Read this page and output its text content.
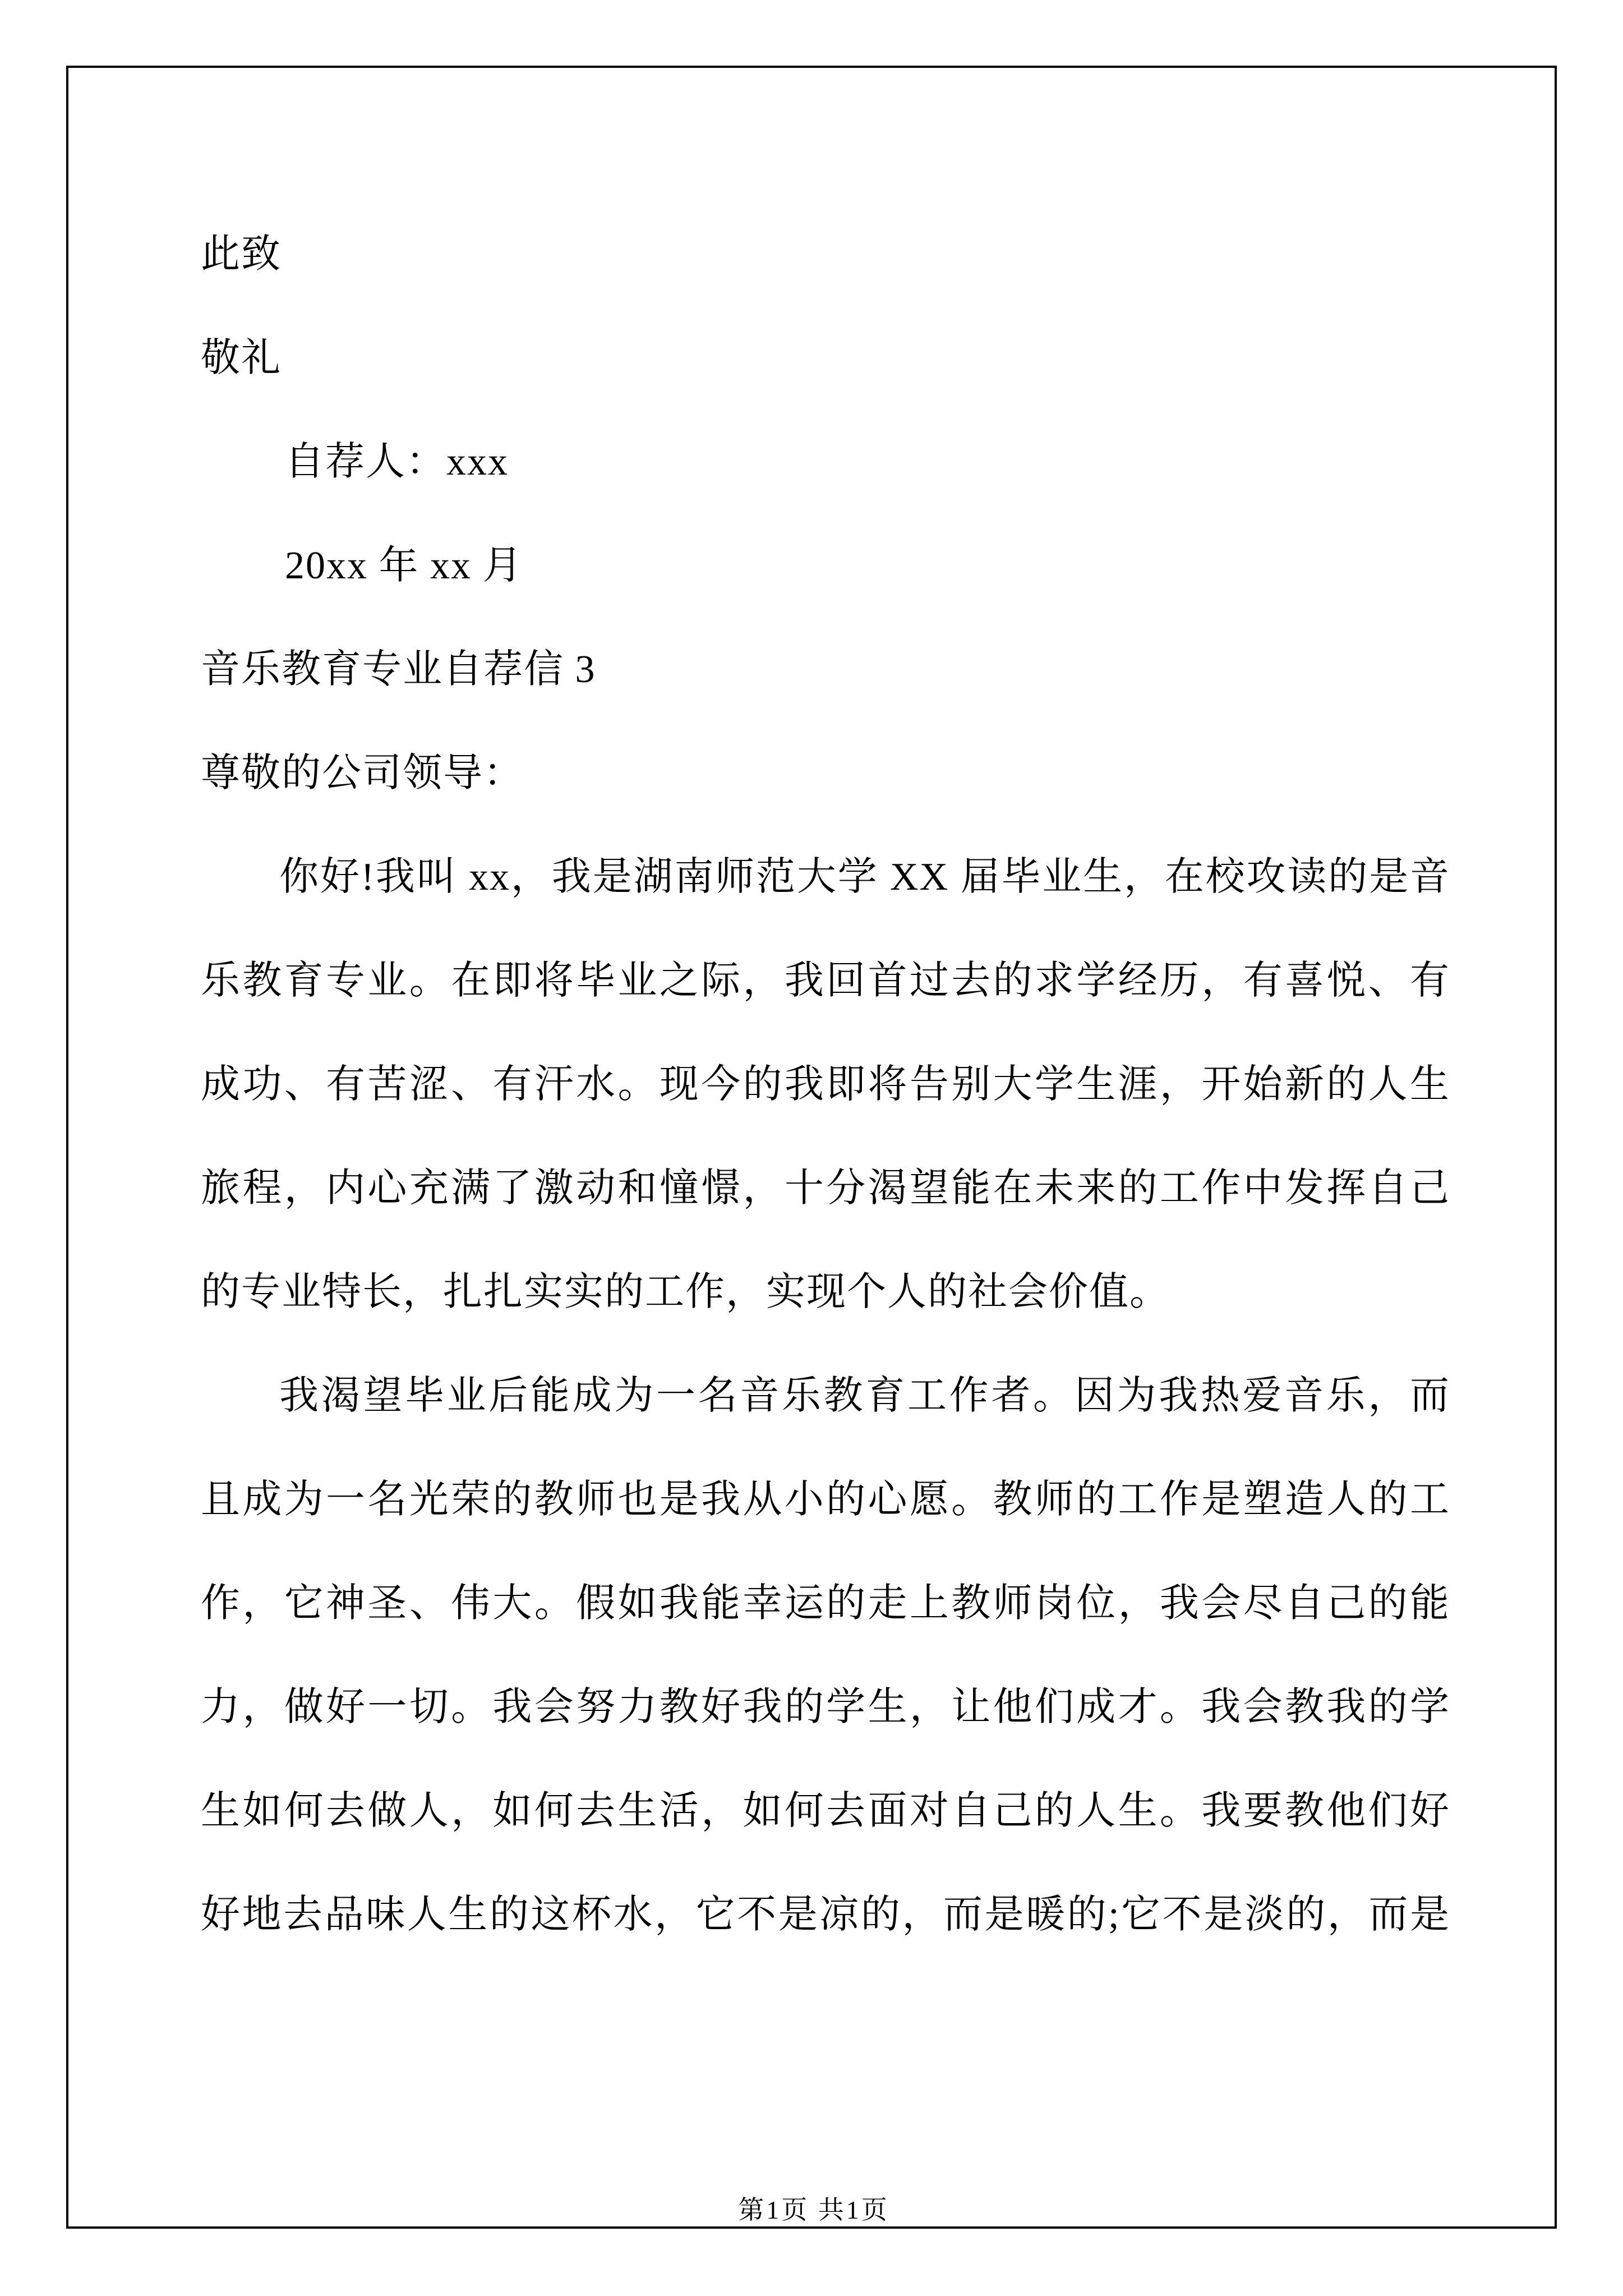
此致

敬礼

自荐人：xxx

20xx 年 xx 月

音乐教育专业自荐信 3

尊敬的公司领导：

你好!我叫 xx，我是湖南师范大学 XX 届毕业生，在校攻读的是音

乐教育专业。在即将毕业之际，我回首过去的求学经历，有喜悦、有

成功、有苦涩、有汗水。现今的我即将告别大学生涯，开始新的人生

旅程，内心充满了激动和憧憬，十分渴望能在未来的工作中发挥自己

的专业特长，扎扎实实的工作，实现个人的社会价值。

我渴望毕业后能成为一名音乐教育工作者。因为我热爱音乐，而

且成为一名光荣的教师也是我从小的心愿。教师的工作是塑造人的工

作，它神圣、伟大。假如我能幸运的走上教师岗位，我会尽自己的能

力，做好一切。我会努力教好我的学生，让他们成才。我会教我的学

生如何去做人，如何去生活，如何去面对自己的人生。我要教他们好

好地去品味人生的这杯水，它不是凉的，而是暖的;它不是淡的，而是

第1页 共1页
